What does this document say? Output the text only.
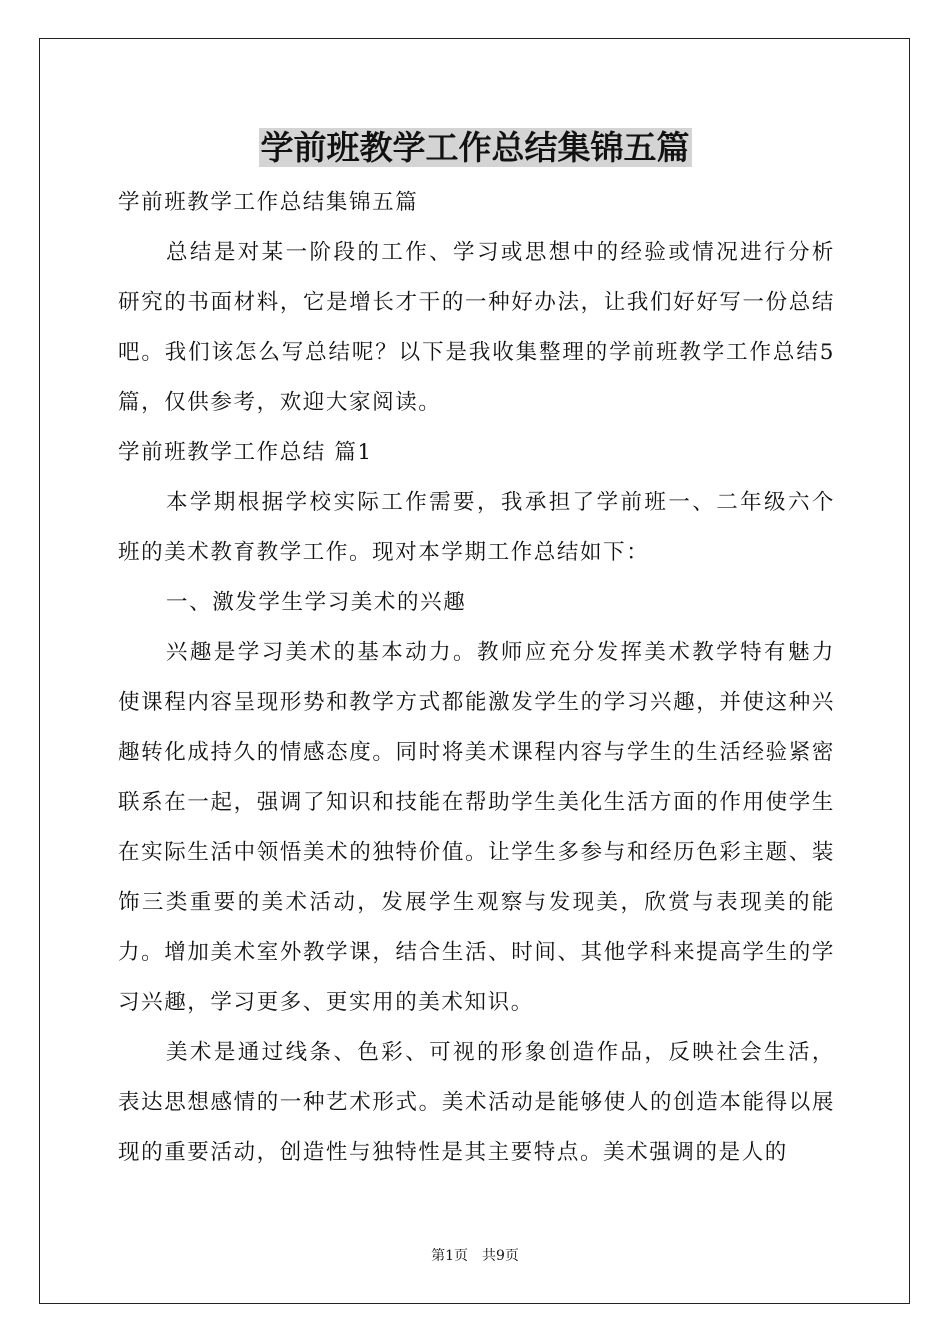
学前班教学工作总结集锦五篇

学前班教学工作总结集锦五篇

总结是对某一阶段的工作、学习或思想中的经验或情况进行分析研究的书面材料，它是增长才干的一种好办法，让我们好好写一份总结吧。我们该怎么写总结呢？以下是我收集整理的学前班教学工作总结5篇，仅供参考，欢迎大家阅读。

学前班教学工作总结 篇1

本学期根据学校实际工作需要，我承担了学前班一、二年级六个班的美术教育教学工作。现对本学期工作总结如下：

一、激发学生学习美术的兴趣

兴趣是学习美术的基本动力。教师应充分发挥美术教学特有魅力使课程内容呈现形势和教学方式都能激发学生的学习兴趣，并使这种兴趣转化成持久的情感态度。同时将美术课程内容与学生的生活经验紧密联系在一起，强调了知识和技能在帮助学生美化生活方面的作用使学生在实际生活中领悟美术的独特价值。让学生多参与和经历色彩主题、装饰三类重要的美术活动，发展学生观察与发现美，欣赏与表现美的能力。增加美术室外教学课，结合生活、时间、其他学科来提高学生的学习兴趣，学习更多、更实用的美术知识。

美术是通过线条、色彩、可视的形象创造作品，反映社会生活，表达思想感情的一种艺术形式。美术活动是能够使人的创造本能得以展现的重要活动，创造性与独特性是其主要特点。美术强调的是人的

第1页 共9页
